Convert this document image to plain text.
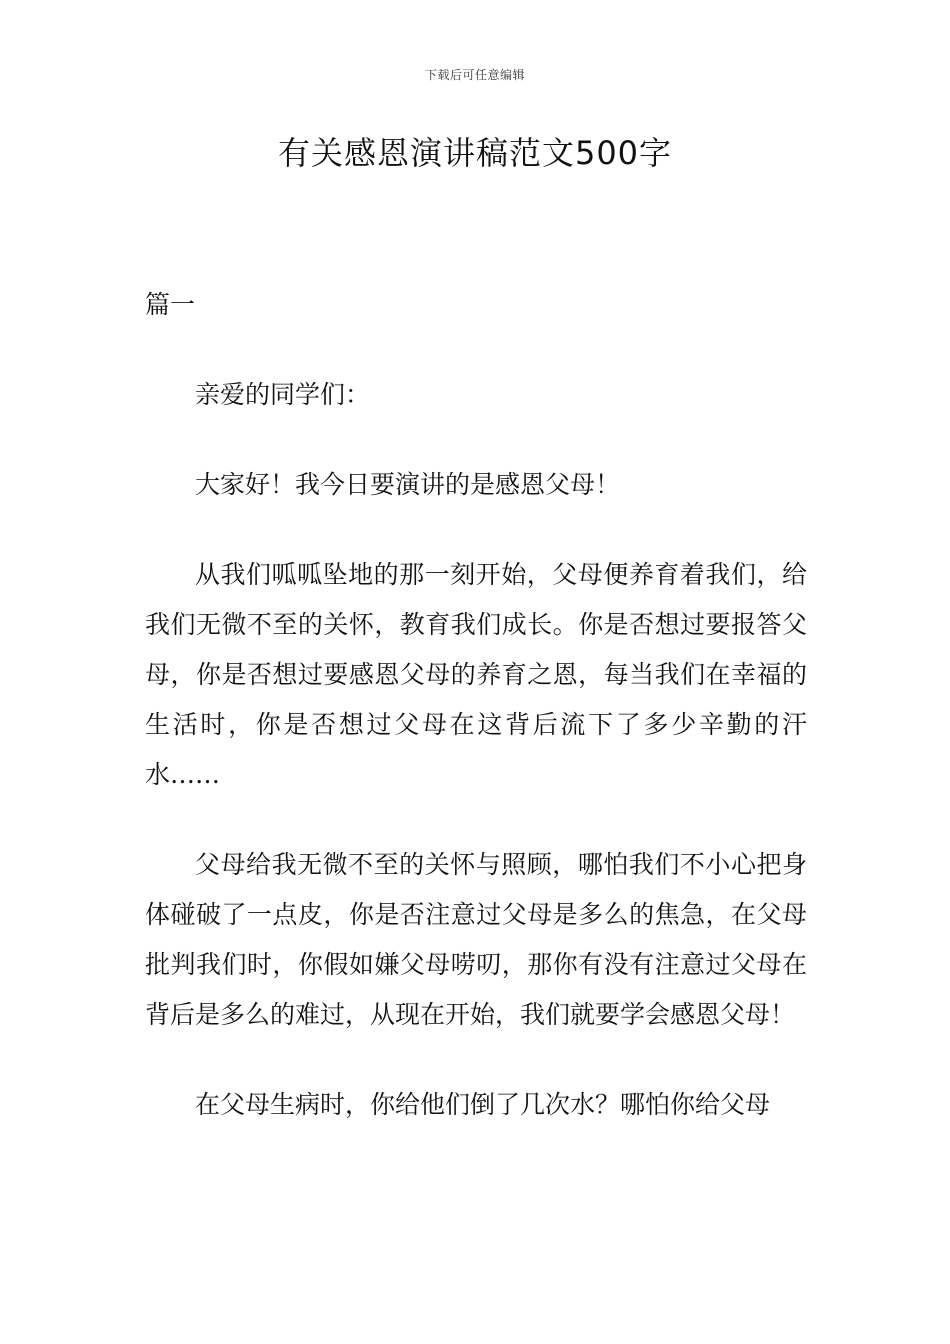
下载后可任意编辑
有关感恩演讲稿范文500字

篇一

亲爱的同学们：

大家好！我今日要演讲的是感恩父母！

从我们呱呱坠地的那一刻开始，父母便养育着我们，给我们无微不至的关怀，教育我们成长。你是否想过要报答父母，你是否想过要感恩父母的养育之恩，每当我们在幸福的生活时，你是否想过父母在这背后流下了多少辛勤的汗水……

父母给我无微不至的关怀与照顾，哪怕我们不小心把身体碰破了一点皮，你是否注意过父母是多么的焦急，在父母批判我们时，你假如嫌父母唠叨，那你有没有注意过父母在背后是多么的难过，从现在开始，我们就要学会感恩父母！

在父母生病时，你给他们倒了几次水？哪怕你给父母
